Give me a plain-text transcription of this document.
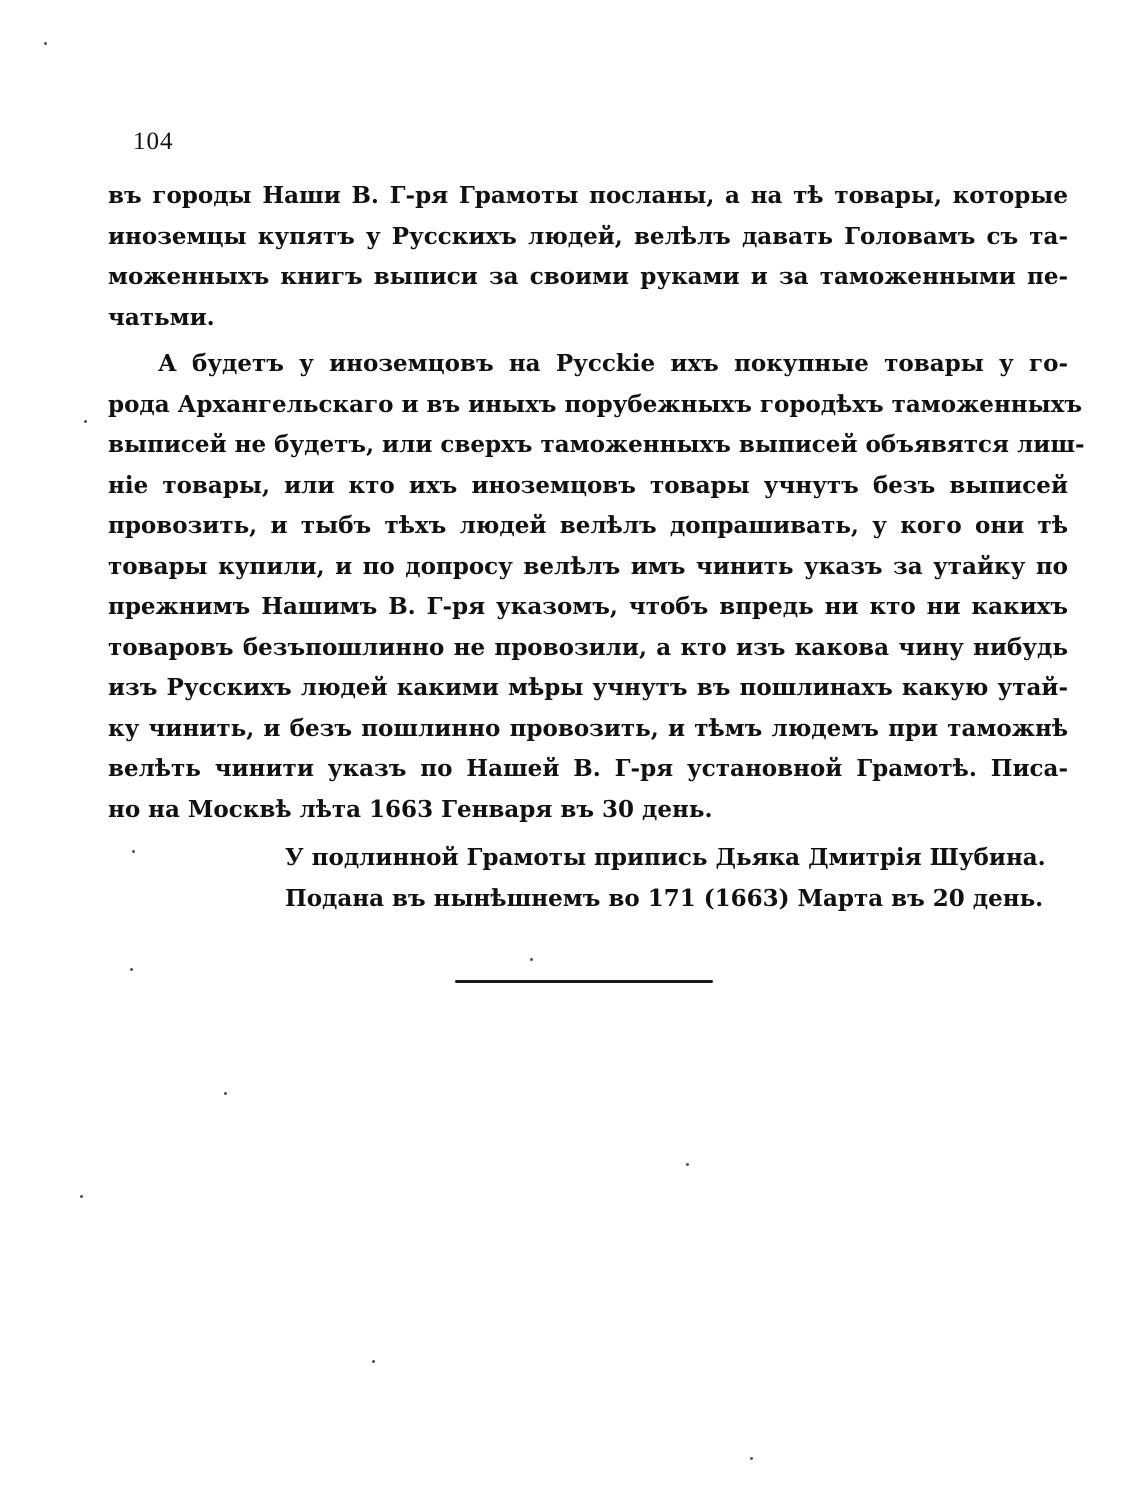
104
въ городы Наши В. Г-ря Грамоты посланы, а на тѣ товары, которые
иноземцы купятъ у Русскихъ людей, велѣлъ давать Головамъ съ та-
моженныхъ книгъ выписи за своими руками и за таможенными пе-
чатьми.
А будетъ у иноземцовъ на Руссkie ихъ покупные товары у го-
рода Архангельскаго и въ иныхъ порубежныхъ городѣхъ таможенныхъ
выписей не будетъ, или сверхъ таможенныхъ выписей объявятся лиш-
нie товары, или кто ихъ иноземцовъ товары учнутъ безъ выписей
провозить, и тыбъ тѣхъ людей велѣлъ допрашивать, у кого они тѣ
товары купили, и по допросу велѣлъ имъ чинить указъ за утайку по
прежнимъ Нашимъ В. Г-ря указомъ, чтобъ впредь ни кто ни какихъ
товаровъ безъпошлинно не провозили, а кто изъ какова чину нибудь
изъ Русскихъ людей какими мѣры учнутъ въ пошлинахъ какую утай-
ку чинить, и безъ пошлинно провозить, и тѣмъ людемъ при таможнѣ
велѣть чинити указъ по Нашей В. Г-ря установной Грамотѣ. Писа-
но на Москвѣ лѣта 1663 Генваря въ 30 день.
У подлинной Грамоты припись Дьяка Дмитрiя Шубина.
Подана въ нынѣшнемъ во 171 (1663) Марта въ 20 день.
